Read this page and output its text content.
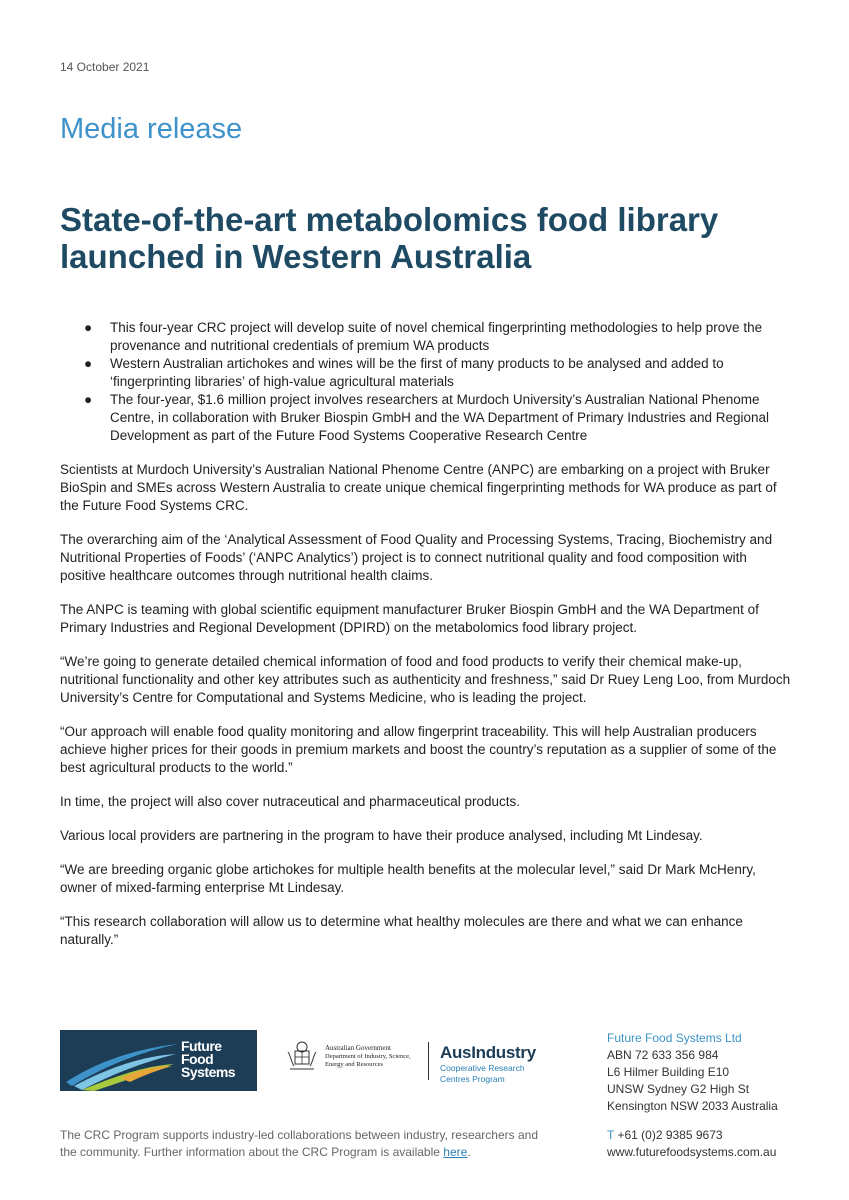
14 October 2021
Media release
State-of-the-art metabolomics food library launched in Western Australia
● This four-year CRC project will develop suite of novel chemical fingerprinting methodologies to help prove the provenance and nutritional credentials of premium WA products
● Western Australian artichokes and wines will be the first of many products to be analysed and added to ‘fingerprinting libraries’ of high-value agricultural materials
● The four-year, $1.6 million project involves researchers at Murdoch University’s Australian National Phenome Centre, in collaboration with Bruker Biospin GmbH and the WA Department of Primary Industries and Regional Development as part of the Future Food Systems Cooperative Research Centre

Scientists at Murdoch University’s Australian National Phenome Centre (ANPC) are embarking on a project with Bruker BioSpin and SMEs across Western Australia to create unique chemical fingerprinting methods for WA produce as part of the Future Food Systems CRC.

The overarching aim of the ‘Analytical Assessment of Food Quality and Processing Systems, Tracing, Biochemistry and Nutritional Properties of Foods’ (‘ANPC Analytics’) project is to connect nutritional quality and food composition with positive healthcare outcomes through nutritional health claims.

The ANPC is teaming with global scientific equipment manufacturer Bruker Biospin GmbH and the WA Department of Primary Industries and Regional Development (DPIRD) on the metabolomics food library project.

“We’re going to generate detailed chemical information of food and food products to verify their chemical make-up, nutritional functionality and other key attributes such as authenticity and freshness,” said Dr Ruey Leng Loo, from Murdoch University’s Centre for Computational and Systems Medicine, who is leading the project.

“Our approach will enable food quality monitoring and allow fingerprint traceability. This will help Australian producers achieve higher prices for their goods in premium markets and boost the country’s reputation as a supplier of some of the best agricultural products to the world.”

In time, the project will also cover nutraceutical and pharmaceutical products.

Various local providers are partnering in the program to have their produce analysed, including Mt Lindesay.

“We are breeding organic globe artichokes for multiple health benefits at the molecular level,” said Dr Mark McHenry, owner of mixed-farming enterprise Mt Lindesay.

“This research collaboration will allow us to determine what healthy molecules are there and what we can enhance naturally.”

Future
Food
Systems
Australian Government
Department of Industry, Science, Energy and Resources
AusIndustry
Cooperative Research
Centres Program
Future Food Systems Ltd
ABN 72 633 356 984
L6 Hilmer Building E10
UNSW Sydney G2 High St
Kensington NSW 2033 Australia
The CRC Program supports industry-led collaborations between industry, researchers and the community. Further information about the CRC Program is available here.
T +61 (0)2 9385 9673
www.futurefoodsystems.com.au
